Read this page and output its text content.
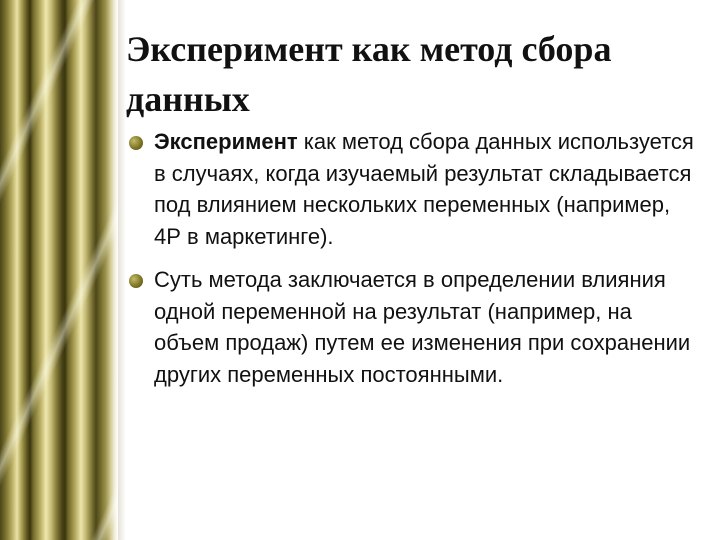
Эксперимент как метод сбора данных
Эксперимент как метод сбора данных используется в случаях, когда изучаемый результат складывается под влиянием нескольких переменных (например, 4Р в маркетинге).
Суть метода заключается в определении влияния одной переменной на результат (например, на объем продаж) путем ее изменения при сохранении других переменных постоянными.
